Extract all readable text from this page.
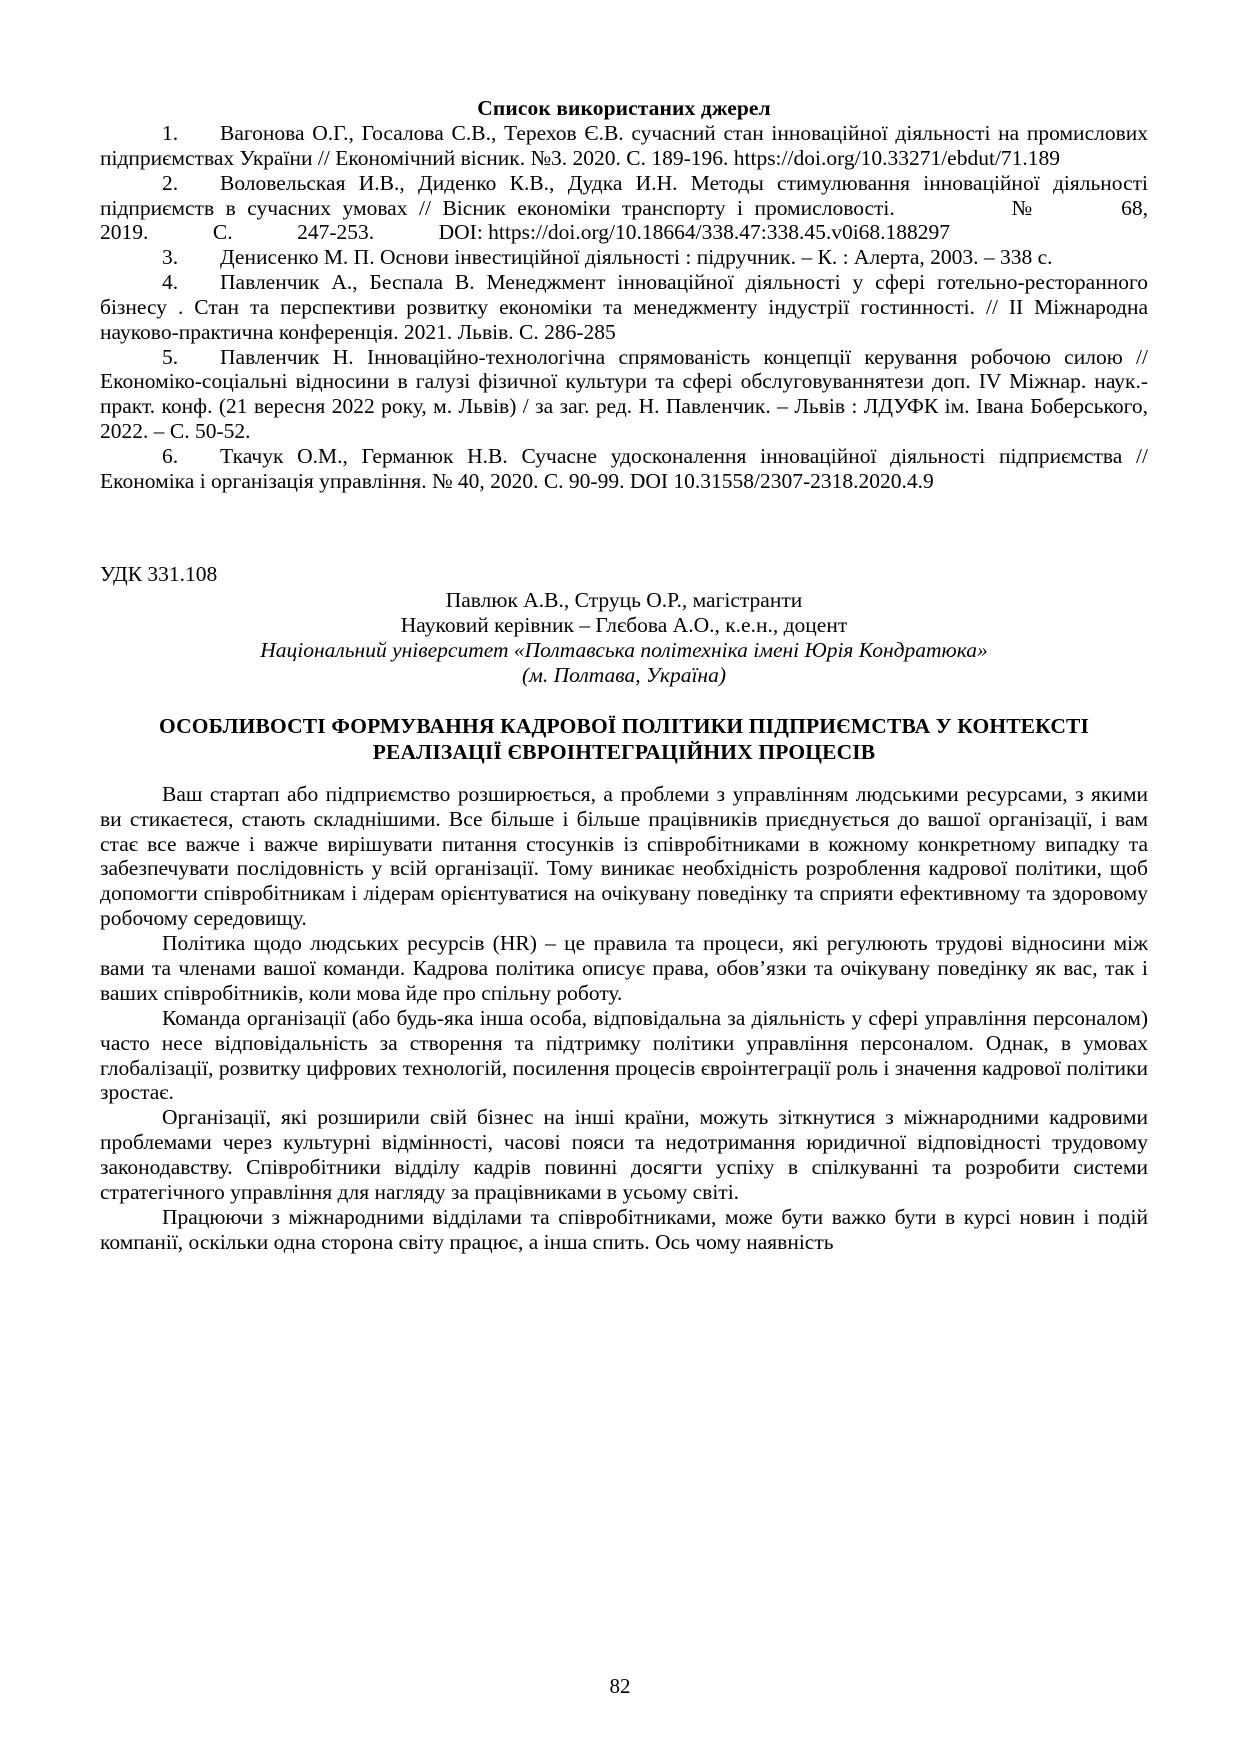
Список використаних джерел

1. Вагонова О.Г., Госалова С.В., Терехов Є.В. сучасний стан інноваційної діяльності на промислових підприємствах України // Економічний вісник. №3. 2020. С. 189-196. https://doi.org/10.33271/ebdut/71.189

2. Воловельская И.В., Диденко К.В., Дудка И.Н. Методы стимулювання інноваційної діяльності підприємств в сучасних умовах // Вісник економіки транспорту і промисловості.　　　　№　　　68,　　　2019.　　　С.　　　247-253.　　　DOI: https://doi.org/10.18664/338.47:338.45.v0i68.188297

3. Денисенко М. П. Основи інвестиційної діяльності : підручник. – К. : Алерта, 2003. – 338 с.

4. Павленчик А., Беспала В. Менеджмент інноваційної діяльності у сфері готельно-ресторанного бізнесу . Стан та перспективи розвитку економіки та менеджменту індустрії гостинності. // ІІ Міжнародна науково-практична конференція. 2021. Львів. С. 286-285

5. Павленчик Н. Інноваційно-технологічна спрямованість концепції керування робочою силою // Економіко-соціальні відносини в галузі фізичної культури та сфері обслуговуваннятези доп. IV Міжнар. наук.-практ. конф. (21 вересня 2022 року, м. Львів) / за заг. ред. Н. Павленчик. – Львів : ЛДУФК ім. Івана Боберського, 2022. – С. 50-52.

6. Ткачук О.М., Германюк Н.В. Сучасне удосконалення інноваційної діяльності підприємства // Економіка і організація управління. № 40, 2020. С. 90-99. DOI 10.31558/2307-2318.2020.4.9

УДК 331.108

Павлюк А.В., Струць О.Р., магістранти

Науковий керівник – Глєбова А.О., к.е.н., доцент

Національний університет «Полтавська політехніка імені Юрія Кондратюка»

(м. Полтава, Україна)

ОСОБЛИВОСТІ ФОРМУВАННЯ КАДРОВОЇ ПОЛІТИКИ ПІДПРИЄМСТВА У КОНТЕКСТІ РЕАЛІЗАЦІЇ ЄВРОІНТЕГРАЦІЙНИХ ПРОЦЕСІВ

Ваш стартап або підприємство розширюється, а проблеми з управлінням людськими ресурсами, з якими ви стикаєтеся, стають складнішими. Все більше і більше працівників приєднується до вашої організації, і вам стає все важче і важче вирішувати питання стосунків із співробітниками в кожному конкретному випадку та забезпечувати послідовність у всій організації. Тому виникає необхідність розроблення кадрової політики, щоб допомогти співробітникам і лідерам орієнтуватися на очікувану поведінку та сприяти ефективному та здоровому робочому середовищу.

Політика щодо людських ресурсів (HR) – це правила та процеси, які регулюють трудові відносини між вами та членами вашої команди. Кадрова політика описує права, обов’язки та очікувану поведінку як вас, так і ваших співробітників, коли мова йде про спільну роботу.

Команда організації (або будь-яка інша особа, відповідальна за діяльність у сфері управління персоналом) часто несе відповідальність за створення та підтримку політики управління персоналом. Однак, в умовах глобалізації, розвитку цифрових технологій, посилення процесів євроінтеграції роль і значення кадрової політики зростає.

Організації, які розширили свій бізнес на інші країни, можуть зіткнутися з міжнародними кадровими проблемами через культурні відмінності, часові пояси та недотримання юридичної відповідності трудовому законодавству. Співробітники відділу кадрів повинні досягти успіху в спілкуванні та розробити системи стратегічного управління для нагляду за працівниками в усьому світі.

Працюючи з міжнародними відділами та співробітниками, може бути важко бути в курсі новин і подій компанії, оскільки одна сторона світу працює, а інша спить. Ось чому наявність

82
